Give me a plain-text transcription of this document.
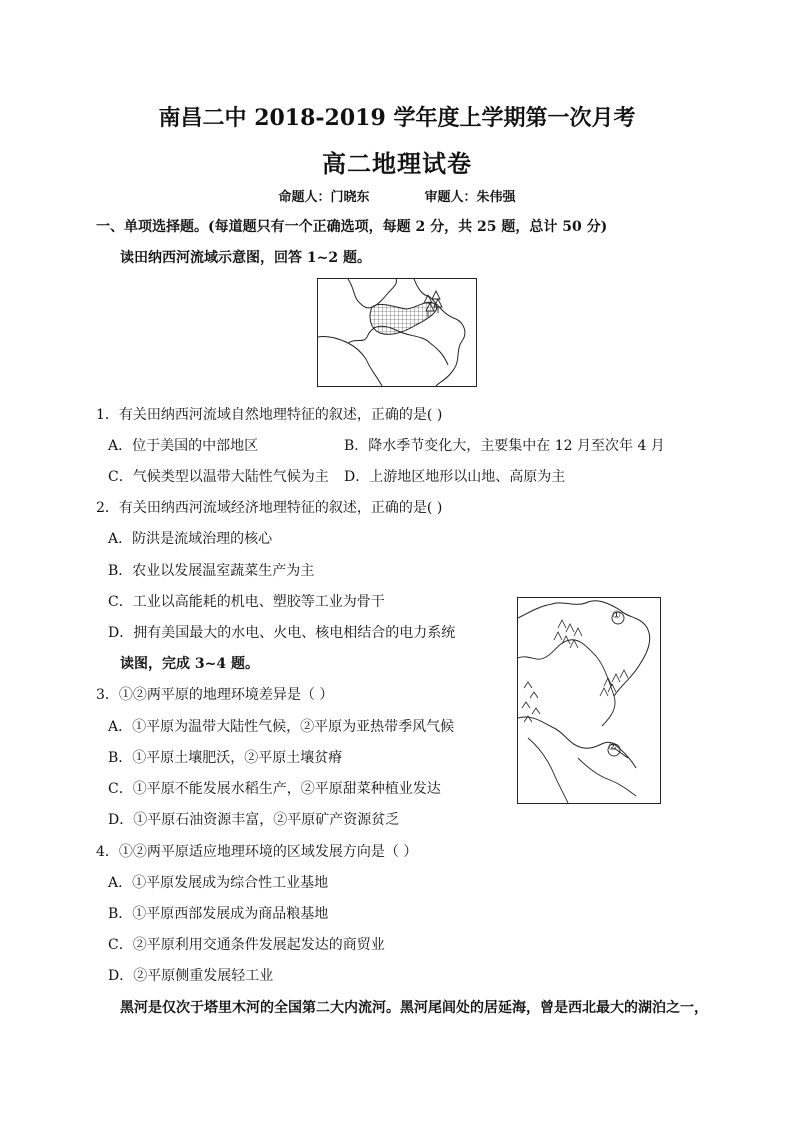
南昌二中 2018-2019 学年度上学期第一次月考
高二地理试卷
命题人：门晓东	审题人：朱伟强
一、单项选择题。(每道题只有一个正确选项，每题 2 分，共 25 题，总计 50 分)
读田纳西河流域示意图，回答 1~2 题。
1．有关田纳西河流域自然地理特征的叙述，正确的是( )
A．位于美国的中部地区	B．降水季节变化大，主要集中在 12 月至次年 4 月
C．气候类型以温带大陆性气候为主 D．上游地区地形以山地、高原为主
2．有关田纳西河流域经济地理特征的叙述，正确的是( )
A．防洪是流域治理的核心
B．农业以发展温室蔬菜生产为主
C．工业以高能耗的机电、塑胶等工业为骨干
D．拥有美国最大的水电、火电、核电相结合的电力系统
①
②
读图，完成 3~4 题。
3．①②两平原的地理环境差异是（ ）
A．①平原为温带大陆性气候，②平原为亚热带季风气候
B．①平原土壤肥沃，②平原土壤贫瘠
C．①平原不能发展水稻生产，②平原甜菜种植业发达
D．①平原石油资源丰富，②平原矿产资源贫乏
4．①②两平原适应地理环境的区域发展方向是（ ）
A．①平原发展成为综合性工业基地
B．①平原西部发展成为商品粮基地
C．②平原利用交通条件发展起发达的商贸业
D．②平原侧重发展轻工业
黑河是仅次于塔里木河的全国第二大内流河。黑河尾闾处的居延海，曾是西北最大的湖泊之一，
